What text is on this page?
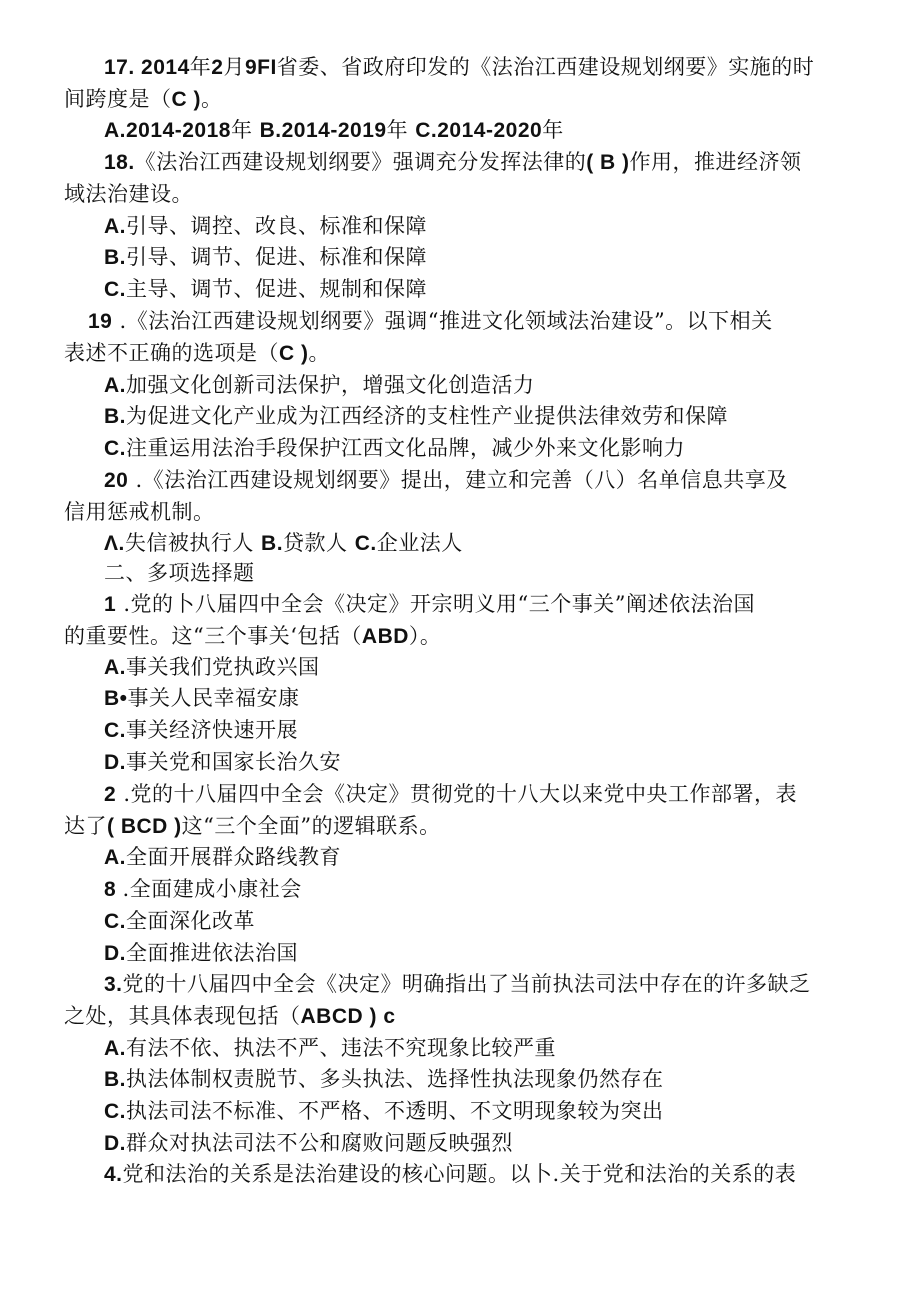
17. 2014年2月9FI省委、省政府印发的《法治江西建设规划纲要》实施的时
间跨度是（C )。
A.2014-2018年 B.2014-2019年 C.2014-2020年
18.《法治江西建设规划纲要》强调充分发挥法律的( B )作用，推进经济领
域法治建设。
A.引导、调控、改良、标准和保障
B.引导、调节、促进、标准和保障
C.主导、调节、促进、规制和保障
19 .《法治江西建设规划纲要》强调“推进文化领域法治建设”。以下相关
表述不正确的选项是（C )。
A.加强文化创新司法保护，增强文化创造活力
B.为促进文化产业成为江西经济的支柱性产业提供法律效劳和保障
C.注重运用法治手段保护江西文化品牌，减少外来文化影响力
20 .《法治江西建设规划纲要》提出，建立和完善（八）名单信息共享及
信用惩戒机制。
Λ.失信被执行人 B.贷款人 C.企业法人
二、多项选择题
1 .党的卜八届四中全会《决定》开宗明义用“三个事关”阐述依法治国
的重要性。这“三个事关‘包括（ABD）。
A.事关我们党执政兴国
B•事关人民幸福安康
C.事关经济快速开展
D.事关党和国家长治久安
2 .党的十八届四中全会《决定》贯彻党的十八大以来党中央工作部署，表
达了( BCD )这“三个全面”的逻辑联系。
A.全面开展群众路线教育
8 .全面建成小康社会
C.全面深化改革
D.全面推进依法治国
3.党的十八届四中全会《决定》明确指出了当前执法司法中存在的许多缺乏
之处，其具体表现包括（ABCD ) c
A.有法不依、执法不严、违法不究现象比较严重
B.执法体制权责脱节、多头执法、选择性执法现象仍然存在
C.执法司法不标准、不严格、不透明、不文明现象较为突出
D.群众对执法司法不公和腐败问题反映强烈
4.党和法治的关系是法治建设的核心问题。以卜.关于党和法治的关系的表
